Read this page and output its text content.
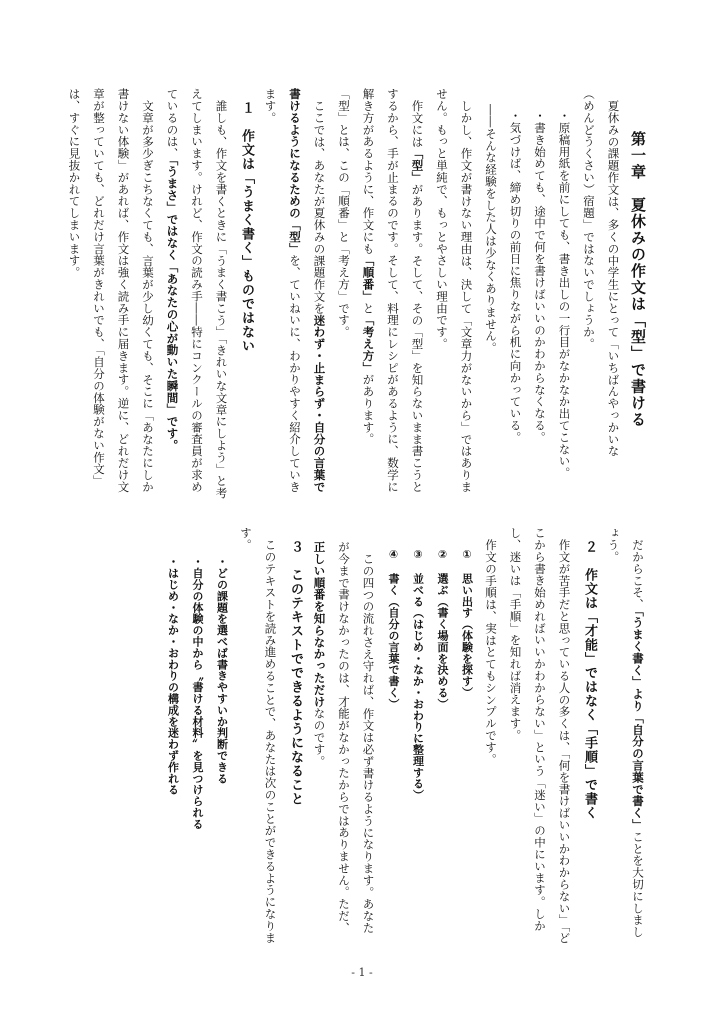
第一章　夏休みの作文は「型」で書ける

夏休みの課題作文は、多くの中学生にとって「いちばんやっかいな

（めんどうくさい）宿題」ではないでしょうか。

・原稿用紙を前にしても、書き出しの一行目がなかなか出てこない。

・書き始めても、途中で何を書けばいいのかわからなくなる。

・気づけば、締め切りの前日に焦りながら机に向かっている。

――そんな経験をした人は少なくありません。

しかし、作文が書けない理由は、決して「文章力がないから」ではありません。もっと単純で、もっとやさしい理由です。

作文には「型」があります。そして、その「型」を知らないまま書こうとするから、手が止まるのです。そして、料理にレシピがあるように、数学に解き方があるように、作文にも「順番」と「考え方」があります。

「型」とは、この「順番」と「考え方」です。

ここでは、あなたが夏休みの課題作文を迷わず・止まらず・自分の言葉で書けるようになるための「型」を、ていねいに、わかりやすく紹介していきます。

１　作文は「うまく書く」ものではない

誰しも、作文を書くときに「うまく書こう」「きれいな文章にしよう」と考えてしまいます。けれど、作文の読み手――特にコンクールの審査員が求めているのは、「うまさ」ではなく「あなたの心が動いた瞬間」です。

文章が多少ぎこちなくても、言葉が少し幼くても、そこに「あなたにしか書けない体験」があれば、作文は強く読み手に届きます。逆に、どれだけ文章が整っていても、どれだけ言葉がきれいでも、「自分の体験がない作文」は、すぐに見抜かれてしまいます。

だからこそ、「うまく書く」より「自分の言葉で書く」ことを大切にしましょう。

２　作文は「才能」ではなく「手順」で書く

作文が苦手だと思っている人の多くは、「何を書けばいいかわからない」「どこから書き始めればいいかわからない」という「迷い」の中にいます。しかし、迷いは「手順」を知れば消えます。

作文の手順は、実はとてもシンプルです。

①　思い出す（体験を探す）

②　選ぶ（書く場面を決める）

③　並べる（はじめ・なか・おわりに整理する）

④　書く（自分の言葉で書く）

この四つの流れさえ守れば、作文は必ず書けるようになります。あなたが今まで書けなかったのは、才能がなかったからではありません。ただ、正しい順番を知らなかっただけなのです。

３　このテキストでできるようになること

このテキストを読み進めることで、あなたは次のことができるようになります。

・どの課題を選べば書きやすいか判断できる

・自分の体験の中から〝書ける材料〟を見つけられる

・はじめ・なか・おわりの構成を迷わず作れる

- 1 -
